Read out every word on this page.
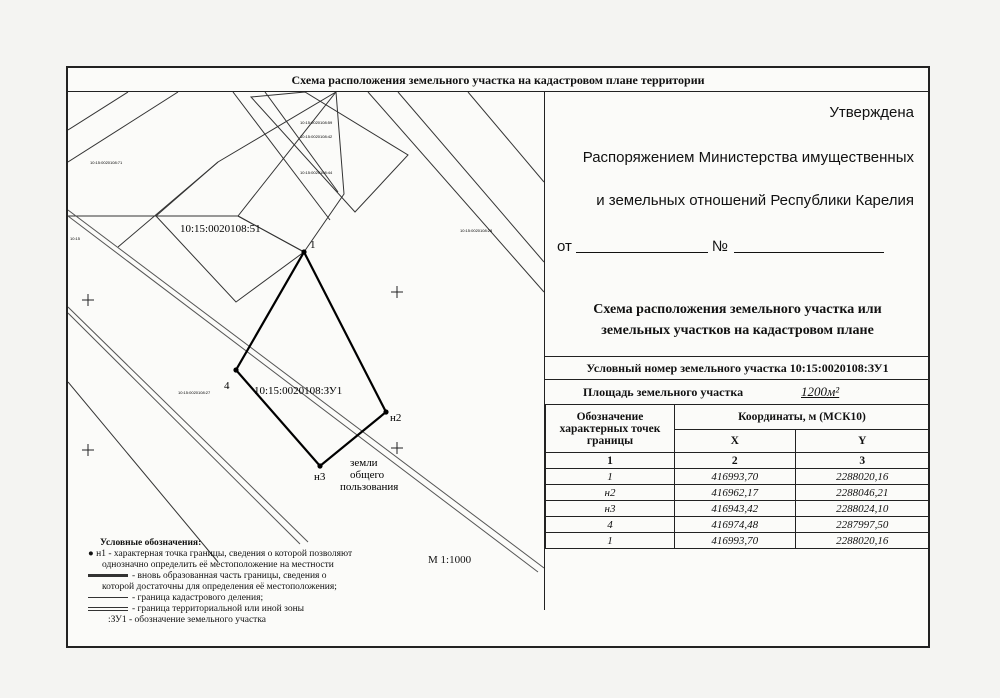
Схема расположения земельного участка на кадастровом плане территории
10:15:0020108:51
10:15:0020108:ЗУ1
1
н2
н3
4
земли
общего
пользования
10:15:0020108:71
10:15:0020108:59
10:15:0020108:42
10:15:0020108:44
10:15:0020108:27
10:15:0020108:28
10:15
Утверждена
Распоряжением Министерства имущественных
и земельных отношений Республики Карелия
от	№
Схема расположения земельного участка или
земельных участков на кадастровом плане
Условный номер земельного участка 10:15:0020108:ЗУ1
Площадь земельного участка	1200м²
Обозначение характерных точек границы	Координаты, м (МСК10)	
	X	Y
1	2	3
1	416993,70	2288020,16
н2	416962,17	2288046,21
н3	416943,42	2288024,10
4	416974,48	2287997,50
1	416993,70	2288020,16
Условные обозначения:
● н1 - характерная точка границы, сведения о которой позволяют
однозначно определить её местоположение на местности
- вновь образованная часть границы, сведения о
которой достаточны для определения её местоположения;
- граница кадастрового деления;
- граница территориальной или иной зоны
:ЗУ1 - обозначение земельного участка
М 1:1000
